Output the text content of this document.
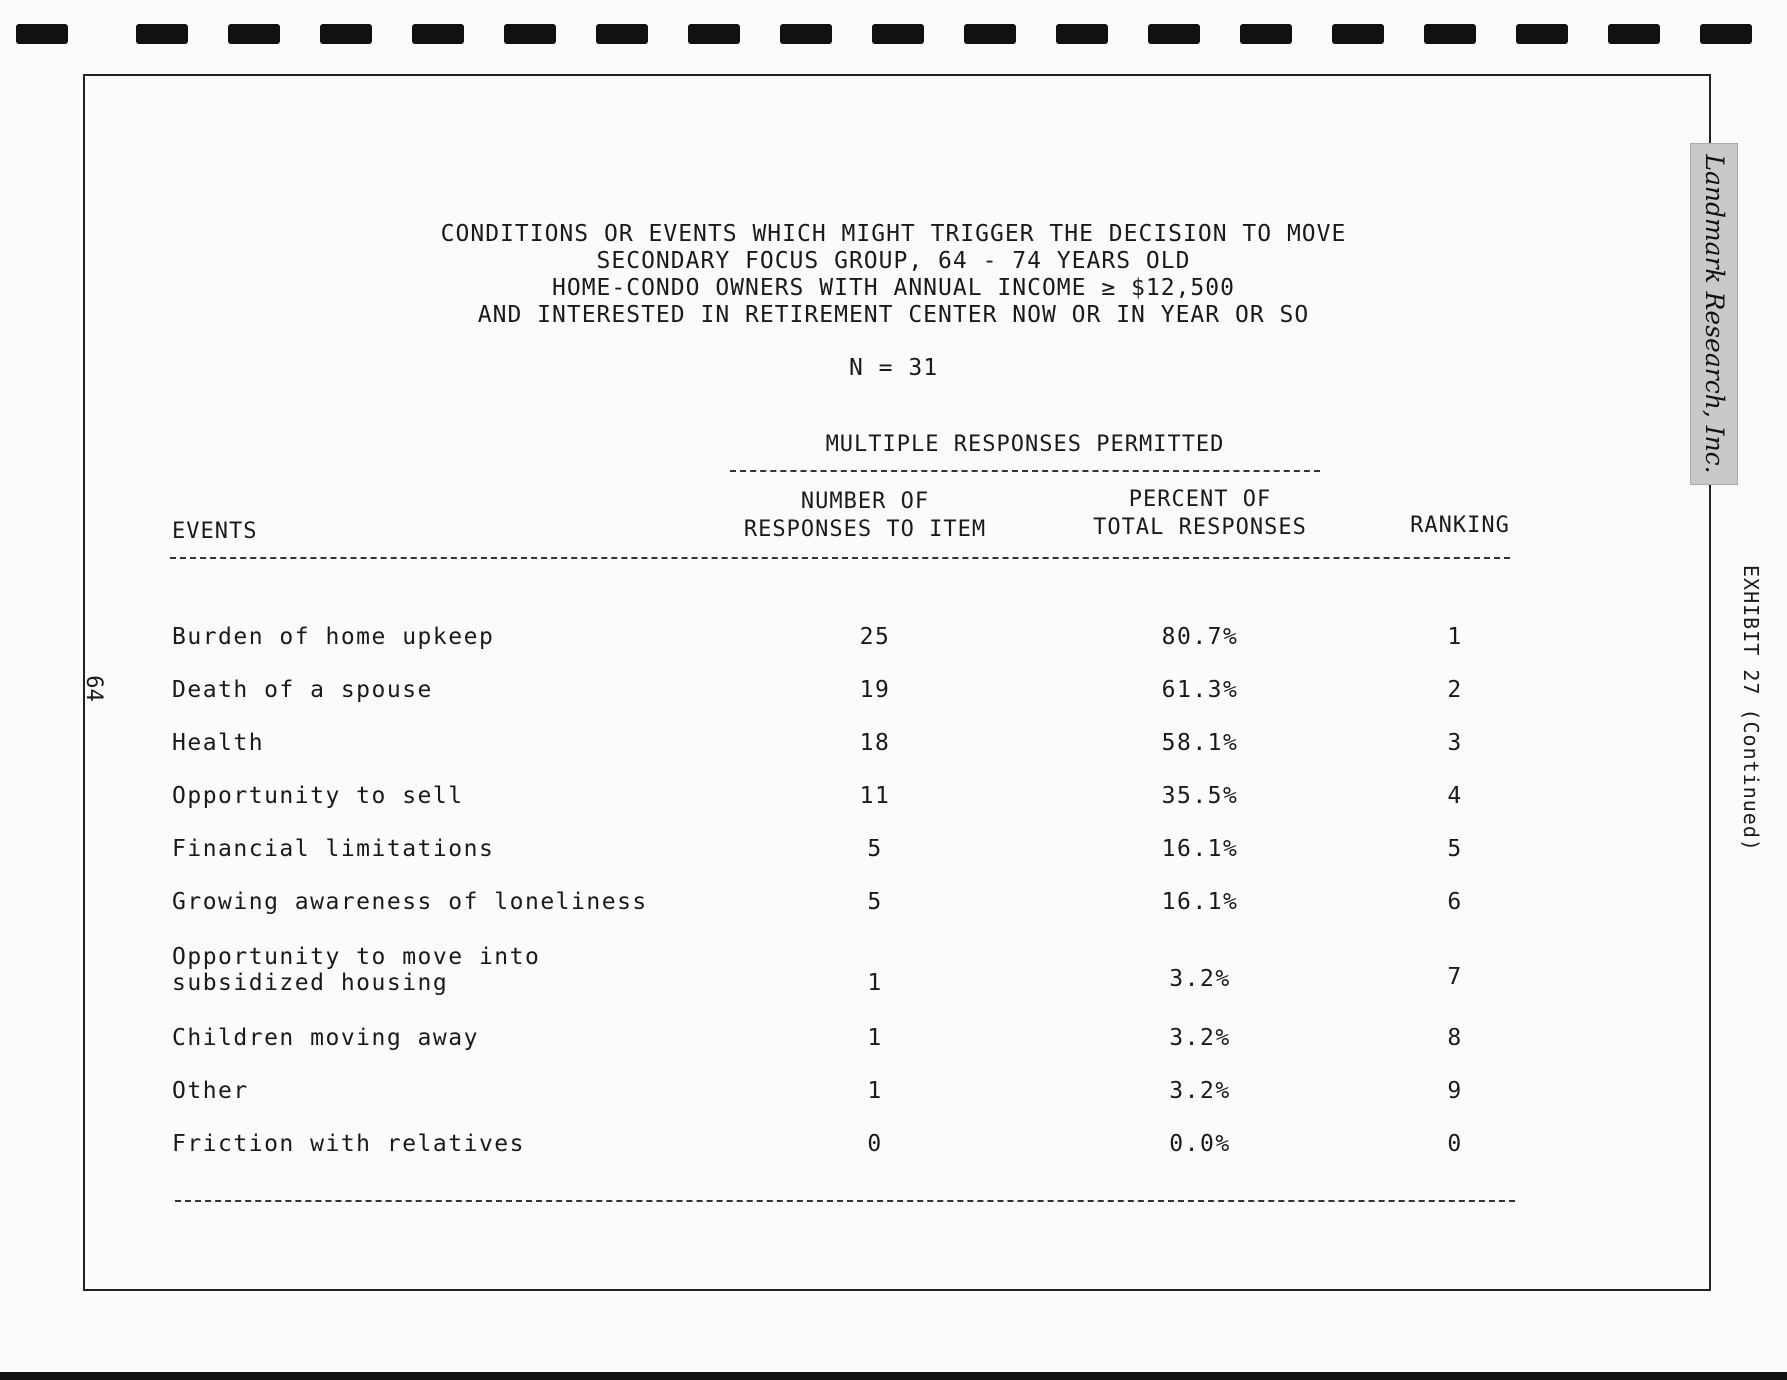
CONDITIONS OR EVENTS WHICH MIGHT TRIGGER THE DECISION TO MOVE
SECONDARY FOCUS GROUP, 64 - 74 YEARS OLD
HOME-CONDO OWNERS WITH ANNUAL INCOME ≥ $12,500
AND INTERESTED IN RETIREMENT CENTER NOW OR IN YEAR OR SO
N = 31
MULTIPLE RESPONSES PERMITTED
EVENTS
NUMBER OF
RESPONSES TO ITEM
PERCENT OF
TOTAL RESPONSES	RANKING
Burden of home upkeep	25	80.7%	1
Death of a spouse	19	61.3%	2
Health	18	58.1%	3
Opportunity to sell	11	35.5%	4
Financial limitations	5	16.1%	5
Growing awareness of loneliness	5	16.1%	6
Opportunity to move into
subsidized housing	1	3.2%	7
Children moving away	1	3.2%	8
Other	1	3.2%	9
Friction with relatives	0	0.0%	0
64	EXHIBIT 27 (Continued)
Landmark Research, Inc.
